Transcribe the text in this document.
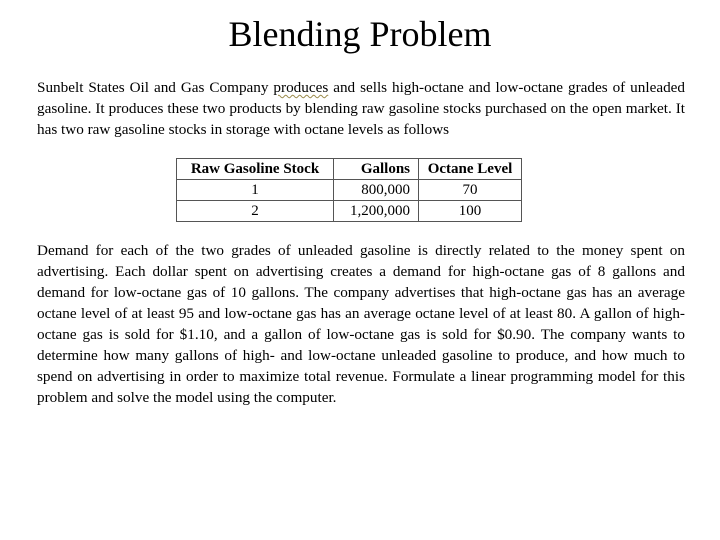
Blending Problem
Sunbelt States Oil and Gas Company produces and sells high-octane and low-octane grades of unleaded gasoline. It produces these two products by blending raw gasoline stocks purchased on the open market. It has two raw gasoline stocks in storage with octane levels as follows
Raw Gasoline Stock	Gallons	Octane Level
1	800,000	70
2	1,200,000	100
Demand for each of the two grades of unleaded gasoline is directly related to the money spent on advertising. Each dollar spent on advertising creates a demand for high-octane gas of 8 gallons and demand for low-octane gas of 10 gallons. The company advertises that high-octane gas has an average octane level of at least 95 and low-octane gas has an average octane level of at least 80. A gallon of high-octane gas is sold for $1.10, and a gallon of low-octane gas is sold for $0.90. The company wants to determine how many gallons of high- and low-octane unleaded gasoline to produce, and how much to spend on advertising in order to maximize total revenue. Formulate a linear programming model for this problem and solve the model using the computer.
